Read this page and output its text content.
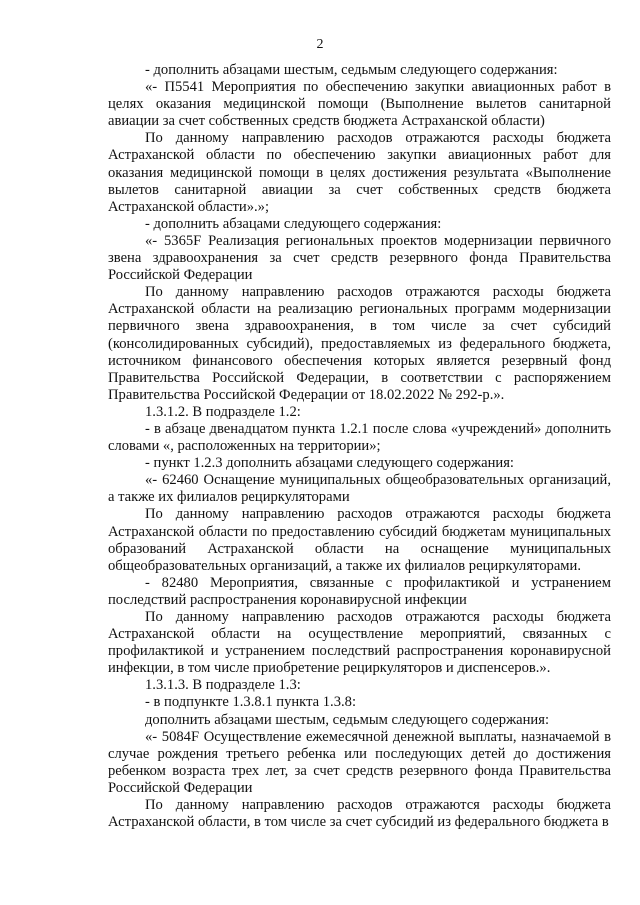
2

- дополнить абзацами шестым, седьмым следующего содержания:

«- П5541 Мероприятия по обеспечению закупки авиационных работ в целях оказания медицинской помощи (Выполнение вылетов санитарной авиации за счет собственных средств бюджета Астраханской области)

По данному направлению расходов отражаются расходы бюджета Астраханской области по обеспечению закупки авиационных работ для оказания медицинской помощи в целях достижения результата «Выполнение вылетов санитарной авиации за счет собственных средств бюджета Астраханской области».»;

- дополнить абзацами следующего содержания:

«- 5365F Реализация региональных проектов модернизации первичного звена здравоохранения за счет средств резервного фонда Правительства Российской Федерации

По данному направлению расходов отражаются расходы бюджета Астраханской области на реализацию региональных программ модернизации первичного звена здравоохранения, в том числе за счет субсидий (консолидированных субсидий), предоставляемых из федерального бюджета, источником финансового обеспечения которых является резервный фонд Правительства Российской Федерации, в соответствии с распоряжением Правительства Российской Федерации от 18.02.2022 № 292-р.».

1.3.1.2. В подразделе 1.2:

- в абзаце двенадцатом пункта 1.2.1 после слова «учреждений» дополнить словами «, расположенных на территории»;

- пункт 1.2.3 дополнить абзацами следующего содержания:

«- 62460 Оснащение муниципальных общеобразовательных организаций, а также их филиалов рециркуляторами

По данному направлению расходов отражаются расходы бюджета Астраханской области по предоставлению субсидий бюджетам муниципальных образований Астраханской области на оснащение муниципальных общеобразовательных организаций, а также их филиалов рециркуляторами.

- 82480 Мероприятия, связанные с профилактикой и устранением последствий распространения коронавирусной инфекции

По данному направлению расходов отражаются расходы бюджета Астраханской области на осуществление мероприятий, связанных с профилактикой и устранением последствий распространения коронавирусной инфекции, в том числе приобретение рециркуляторов и диспенсеров.».

1.3.1.3. В подразделе 1.3:

- в подпункте 1.3.8.1 пункта 1.3.8:

дополнить абзацами шестым, седьмым следующего содержания:

«- 5084F Осуществление ежемесячной денежной выплаты, назначаемой в случае рождения третьего ребенка или последующих детей до достижения ребенком возраста трех лет, за счет средств резервного фонда Правительства Российской Федерации

По данному направлению расходов отражаются расходы бюджета Астраханской области, в том числе за счет субсидий из федерального бюджета в
